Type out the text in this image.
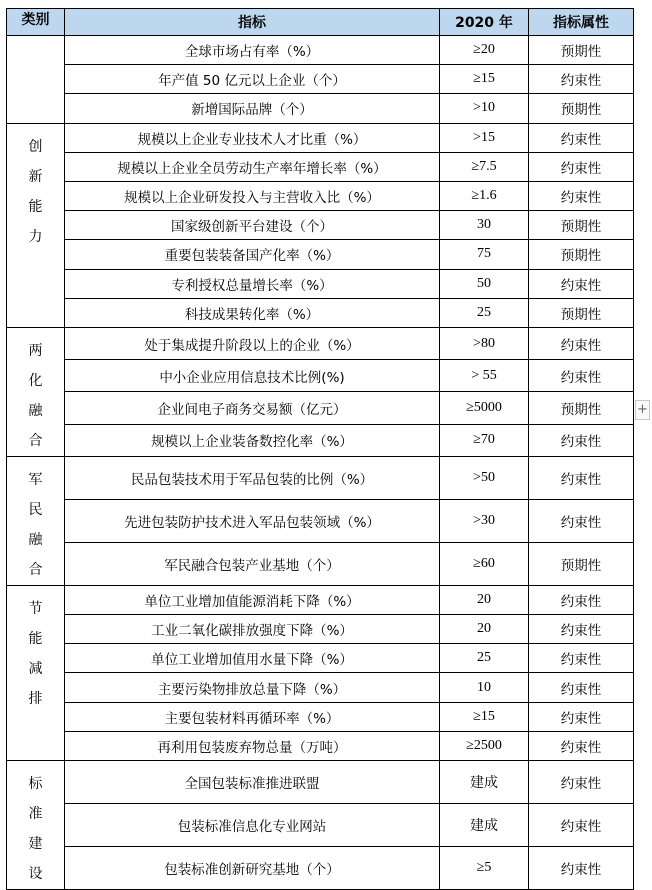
类别	指标	2020 年	指标属性

	全球市场占有率（%）	≥20	预期性
	年产值 50 亿元以上企业（个）	≥15	约束性
	新增国际品牌（个）	>10	预期性

创新能力	规模以上企业专业技术人才比重（%）	>15	约束性
	规模以上企业全员劳动生产率年增长率（%）	≥7.5	约束性
	规模以上企业研发投入与主营收入比（%）	≥1.6	约束性
	国家级创新平台建设（个）	30	预期性
	重要包装装备国产化率（%）	75	预期性
	专利授权总量增长率（%）	50	约束性
	科技成果转化率（%）	25	预期性

两化融合	处于集成提升阶段以上的企业（%）	>80	约束性
	中小企业应用信息技术比例(%)	> 55	约束性
	企业间电子商务交易额（亿元）	≥5000	预期性
	规模以上企业装备数控化率（%）	≥70	约束性

军民融合	民品包装技术用于军品包装的比例（%）	>50	约束性
	先进包装防护技术进入军品包装领域（%）	>30	约束性
	军民融合包装产业基地（个）	≥60	预期性

节能减排	单位工业增加值能源消耗下降（%）	20	约束性
	工业二氧化碳排放强度下降（%）	20	约束性
	单位工业增加值用水量下降（%）	25	约束性
	主要污染物排放总量下降（%）	10	约束性
	主要包装材料再循环率（%）	≥15	约束性
	再利用包装废弃物总量（万吨）	≥2500	约束性

标准建设	全国包装标准推进联盟	建成	约束性
	包装标准信息化专业网站	建成	约束性
	包装标准创新研究基地（个）	≥5	约束性
+
